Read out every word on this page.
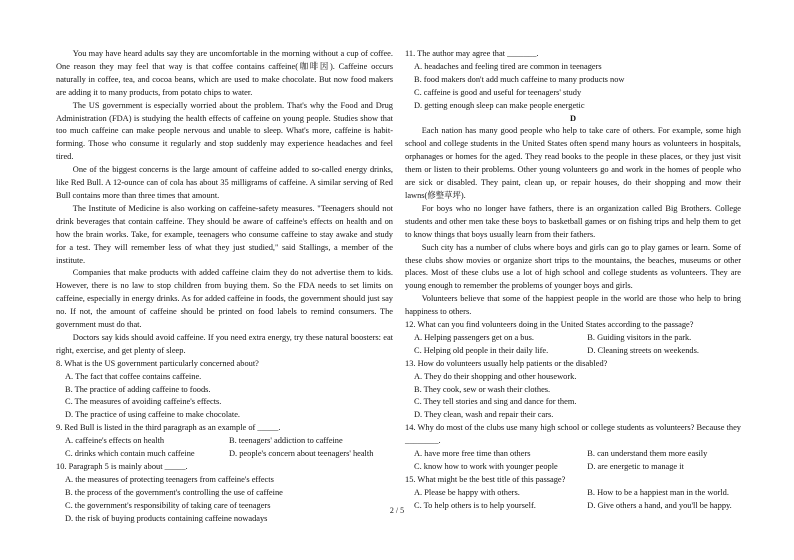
You may have heard adults say they are uncomfortable in the morning without a cup of coffee. One reason they may feel that way is that coffee contains caffeine(咖啡因). Caffeine occurs naturally in coffee, tea, and cocoa beans, which are used to make chocolate. But now food makers are adding it to many products, from potato chips to water.

The US government is especially worried about the problem. That's why the Food and Drug Administration (FDA) is studying the health effects of caffeine on young people. Studies show that too much caffeine can make people nervous and unable to sleep. What's more, caffeine is habit-forming. Those who consume it regularly and stop suddenly may experience headaches and feel tired.

One of the biggest concerns is the large amount of caffeine added to so-called energy drinks, like Red Bull. A 12-ounce can of cola has about 35 milligrams of caffeine. A similar serving of Red Bull contains more than three times that amount.

The Institute of Medicine is also working on caffeine-safety measures. "Teenagers should not drink beverages that contain caffeine. They should be aware of caffeine's effects on health and on how the brain works. Take, for example, teenagers who consume caffeine to stay awake and study for a test. They will remember less of what they just studied," said Stallings, a member of the institute.

Companies that make products with added caffeine claim they do not advertise them to kids. However, there is no law to stop children from buying them. So the FDA needs to set limits on caffeine, especially in energy drinks. As for added caffeine in foods, the government should just say no. If not, the amount of caffeine should be printed on food labels to remind consumers. The government must do that.

Doctors say kids should avoid caffeine. If you need extra energy, try these natural boosters: eat right, exercise, and get plenty of sleep.

8. What is the US government particularly concerned about?

A. The fact that coffee contains caffeine.

B. The practice of adding caffeine to foods.

C. The measures of avoiding caffeine's effects.

D. The practice of using caffeine to make chocolate.

9. Red Bull is listed in the third paragraph as an example of _____.

A. caffeine's effects on health	B. teenagers' addiction to caffeine
C. drinks which contain much caffeine	D. people's concern about teenagers' health

10. Paragraph 5 is mainly about _____.

A. the measures of protecting teenagers from caffeine's effects

B. the process of the government's controlling the use of caffeine

C. the government's responsibility of taking care of teenagers

D. the risk of buying products containing caffeine nowadays

11. The author may agree that _______.

A. headaches and feeling tired are common in teenagers

B. food makers don't add much caffeine to many products now

C. caffeine is good and useful for teenagers' study

D. getting enough sleep can make people energetic

D

Each nation has many good people who help to take care of others. For example, some high school and college students in the United States often spend many hours as volunteers in hospitals, orphanages or homes for the aged. They read books to the people in these places, or they just visit them or listen to their problems. Other young volunteers go and work in the homes of people who are sick or disabled. They paint, clean up, or repair houses, do their shopping and mow their lawns(修整草坪).

For boys who no longer have fathers, there is an organization called Big Brothers. College students and other men take these boys to basketball games or on fishing trips and help them to get to know things that boys usually learn from their fathers.

Such city has a number of clubs where boys and girls can go to play games or learn. Some of these clubs show movies or organize short trips to the mountains, the beaches, museums or other places. Most of these clubs use a lot of high school and college students as volunteers. They are young enough to remember the problems of younger boys and girls.

Volunteers believe that some of the happiest people in the world are those who help to bring happiness to others.

12. What can you find volunteers doing in the United States according to the passage?

A. Helping passengers get on a bus.	B. Guiding visitors in the park.
C. Helping old people in their daily life.	D. Cleaning streets on weekends.

13. How do volunteers usually help patients or the disabled?

A. They do their shopping and other housework.

B. They cook, sew or wash their clothes.

C. They tell stories and sing and dance for them.

D. They clean, wash and repair their cars.

14. Why do most of the clubs use many high school or college students as volunteers? Because they ________.

A. have more free time than others	B. can understand them more easily
C. know how to work with younger people	D. are energetic to manage it

15. What might be the best title of this passage?

A. Please be happy with others.	B. How to be a happiest man in the world.
C. To help others is to help yourself.	D. Give others a hand, and you'll be happy.
2 / 5
